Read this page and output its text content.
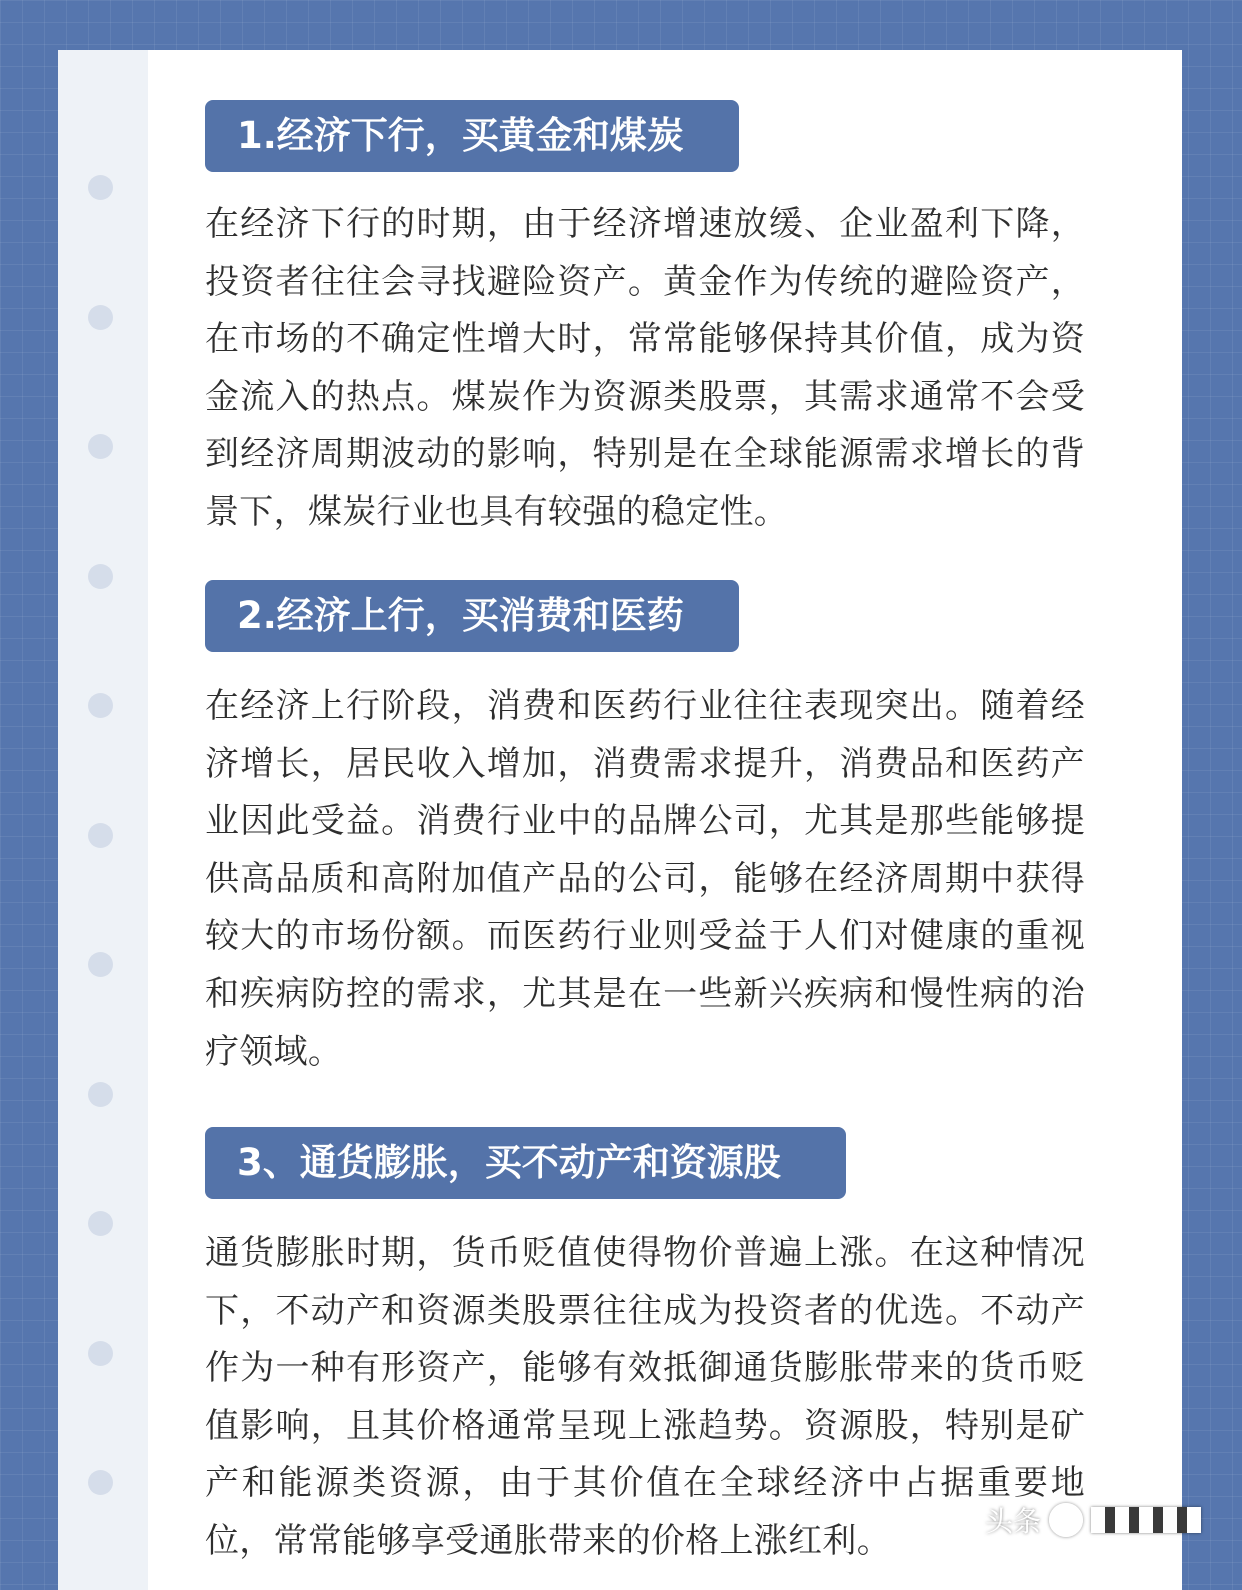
1.经济下行，买黄金和煤炭

在经济下行的时期，由于经济增速放缓、企业盈利下降，投资者往往会寻找避险资产。黄金作为传统的避险资产，在市场的不确定性增大时，常常能够保持其价值，成为资金流入的热点。煤炭作为资源类股票，其需求通常不会受到经济周期波动的影响，特别是在全球能源需求增长的背景下，煤炭行业也具有较强的稳定性。

2.经济上行，买消费和医药

在经济上行阶段，消费和医药行业往往表现突出。随着经济增长，居民收入增加，消费需求提升，消费品和医药产业因此受益。消费行业中的品牌公司，尤其是那些能够提供高品质和高附加值产品的公司，能够在经济周期中获得较大的市场份额。而医药行业则受益于人们对健康的重视和疾病防控的需求，尤其是在一些新兴疾病和慢性病的治疗领域。

3、通货膨胀，买不动产和资源股

通货膨胀时期，货币贬值使得物价普遍上涨。在这种情况下，不动产和资源类股票往往成为投资者的优选。不动产作为一种有形资产，能够有效抵御通货膨胀带来的货币贬值影响，且其价格通常呈现上涨趋势。资源股，特别是矿产和能源类资源，由于其价值在全球经济中占据重要地位，常常能够享受通胀带来的价格上涨红利。	头条
